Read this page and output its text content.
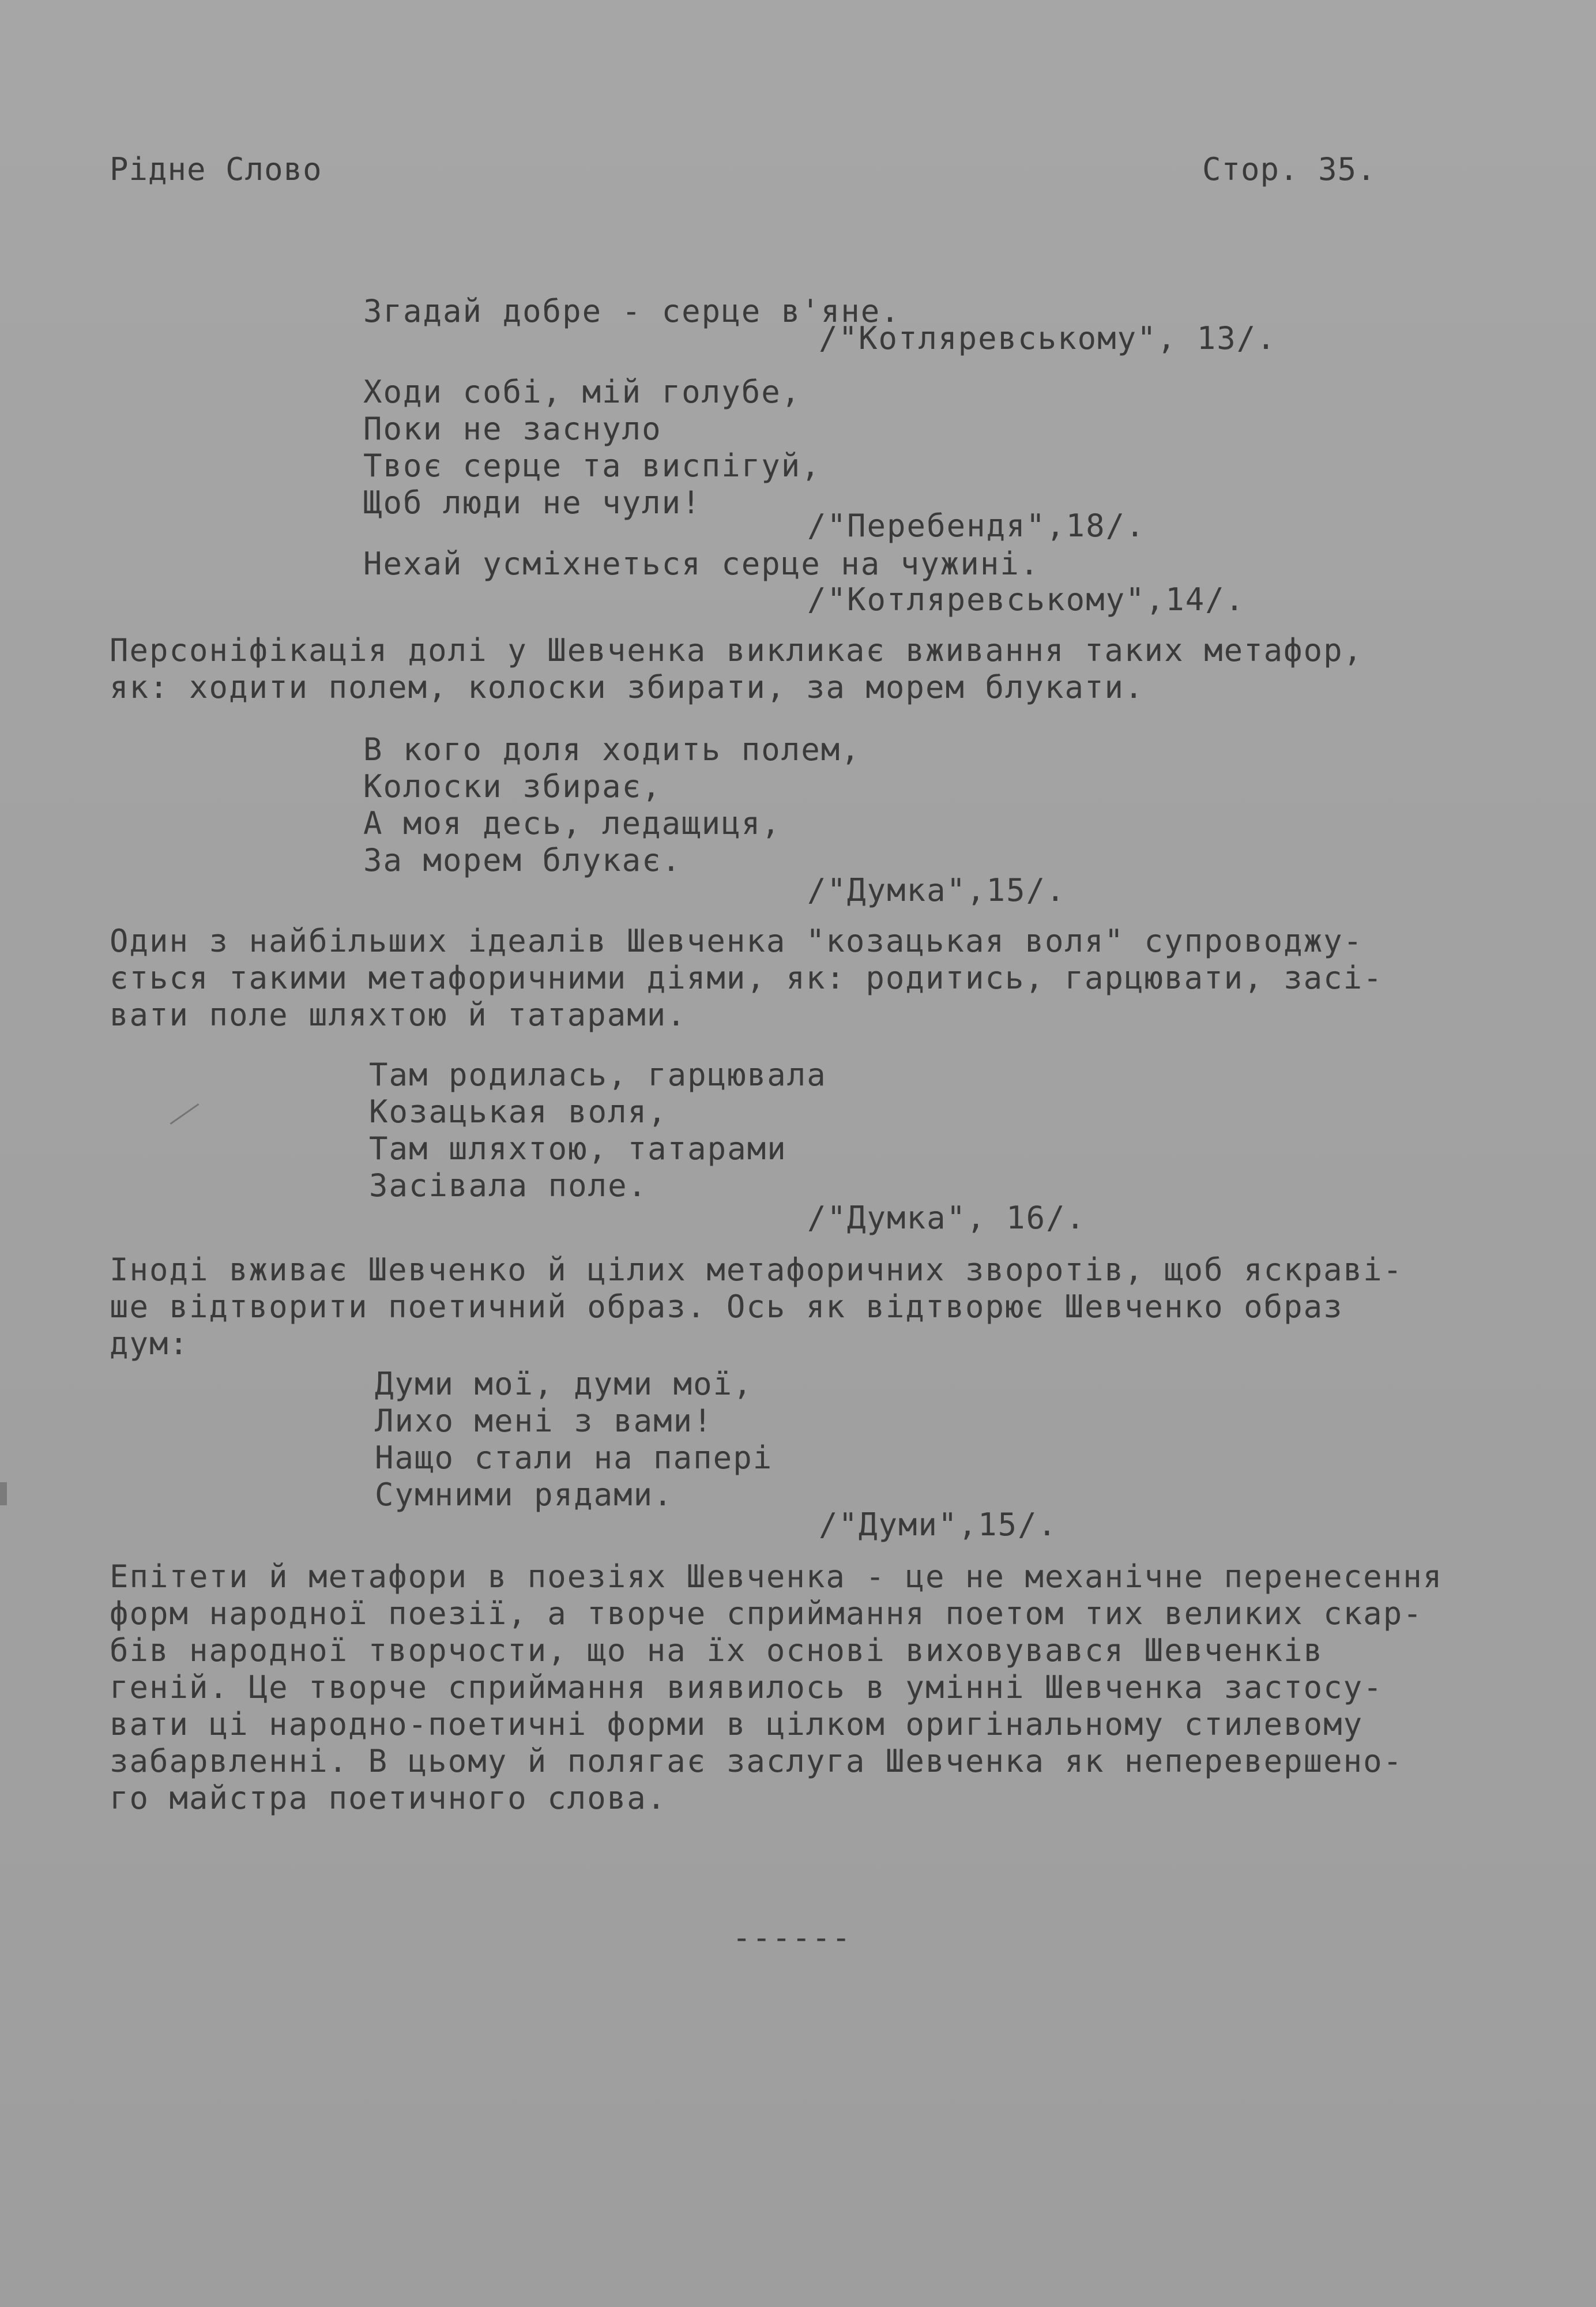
Рідне Слово	Стор. 35.
Згадай добре - серце в'яне.
/"Котляревському", 13/.
Ходи собі, мій голубе,
Поки не заснуло
Твоє серце та виспігуй,
Щоб люди не чули!
/"Перебендя",18/.
Нехай усміхнеться серце на чужині.
/"Котляревському",14/.
Персоніфікація долі у Шевченка викликає вживання таких метафор,
як: ходити полем, колоски збирати, за морем блукати.
В кого доля ходить полем,
Колоски збирає,
А моя десь, ледащиця,
За морем блукає.
/"Думка",15/.
Один з найбільших ідеалів Шевченка "козацькая воля" супроводжу-
ється такими метафоричними діями, як: родитись, гарцювати, засі-
вати поле шляхтою й татарами.
Там родилась, гарцювала
Козацькая воля,
Там шляхтою, татарами
Засівала поле.
/"Думка", 16/.
Іноді вживає Шевченко й цілих метафоричних зворотів, щоб яскраві-
ше відтворити поетичний образ. Ось як відтворює Шевченко образ
дум:
Думи мої, думи мої,
Лихо мені з вами!
Нащо стали на папері
Сумними рядами.
/"Думи",15/.
Епітети й метафори в поезіях Шевченка - це не механічне перенесення
форм народної поезії, а творче сприймання поетом тих великих скар-
бів народної творчости, що на їх основі виховувався Шевченків
геній. Це творче сприймання виявилось в умінні Шевченка застосу-
вати ці народно-поетичні форми в цілком оригінальному стилевому
забарвленні. В цьому й полягає заслуга Шевченка як неперевершено-
го майстра поетичного слова.
------
